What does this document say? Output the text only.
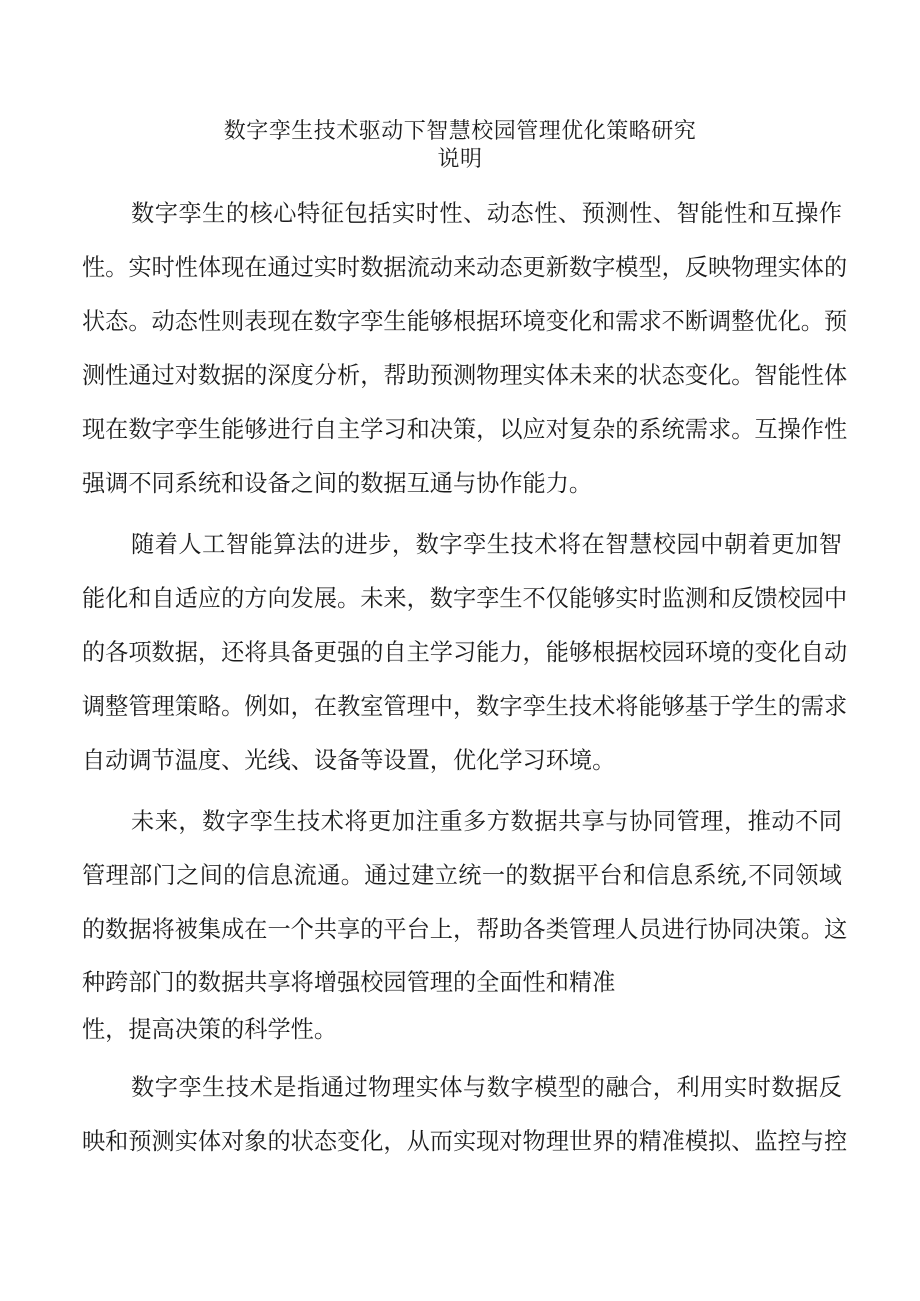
数字孪生技术驱动下智慧校园管理优化策略研究
说明
数字孪生的核心特征包括实时性、动态性、预测性、智能性和互操作
性。实时性体现在通过实时数据流动来动态更新数字模型，反映物理实体的
状态。动态性则表现在数字孪生能够根据环境变化和需求不断调整优化。预
测性通过对数据的深度分析，帮助预测物理实体未来的状态变化。智能性体
现在数字孪生能够进行自主学习和决策，以应对复杂的系统需求。互操作性
强调不同系统和设备之间的数据互通与协作能力。
随着人工智能算法的进步，数字孪生技术将在智慧校园中朝着更加智
能化和自适应的方向发展。未来，数字孪生不仅能够实时监测和反馈校园中
的各项数据，还将具备更强的自主学习能力，能够根据校园环境的变化自动
调整管理策略。例如，在教室管理中，数字孪生技术将能够基于学生的需求
自动调节温度、光线、设备等设置，优化学习环境。
未来，数字孪生技术将更加注重多方数据共享与协同管理，推动不同
管理部门之间的信息流通。通过建立统一的数据平台和信息系统,不同领域
的数据将被集成在一个共享的平台上，帮助各类管理人员进行协同决策。这
种跨部门的数据共享将增强校园管理的全面性和精准
性，提高决策的科学性。
数字孪生技术是指通过物理实体与数字模型的融合，利用实时数据反
映和预测实体对象的状态变化，从而实现对物理世界的精准模拟、监控与控
